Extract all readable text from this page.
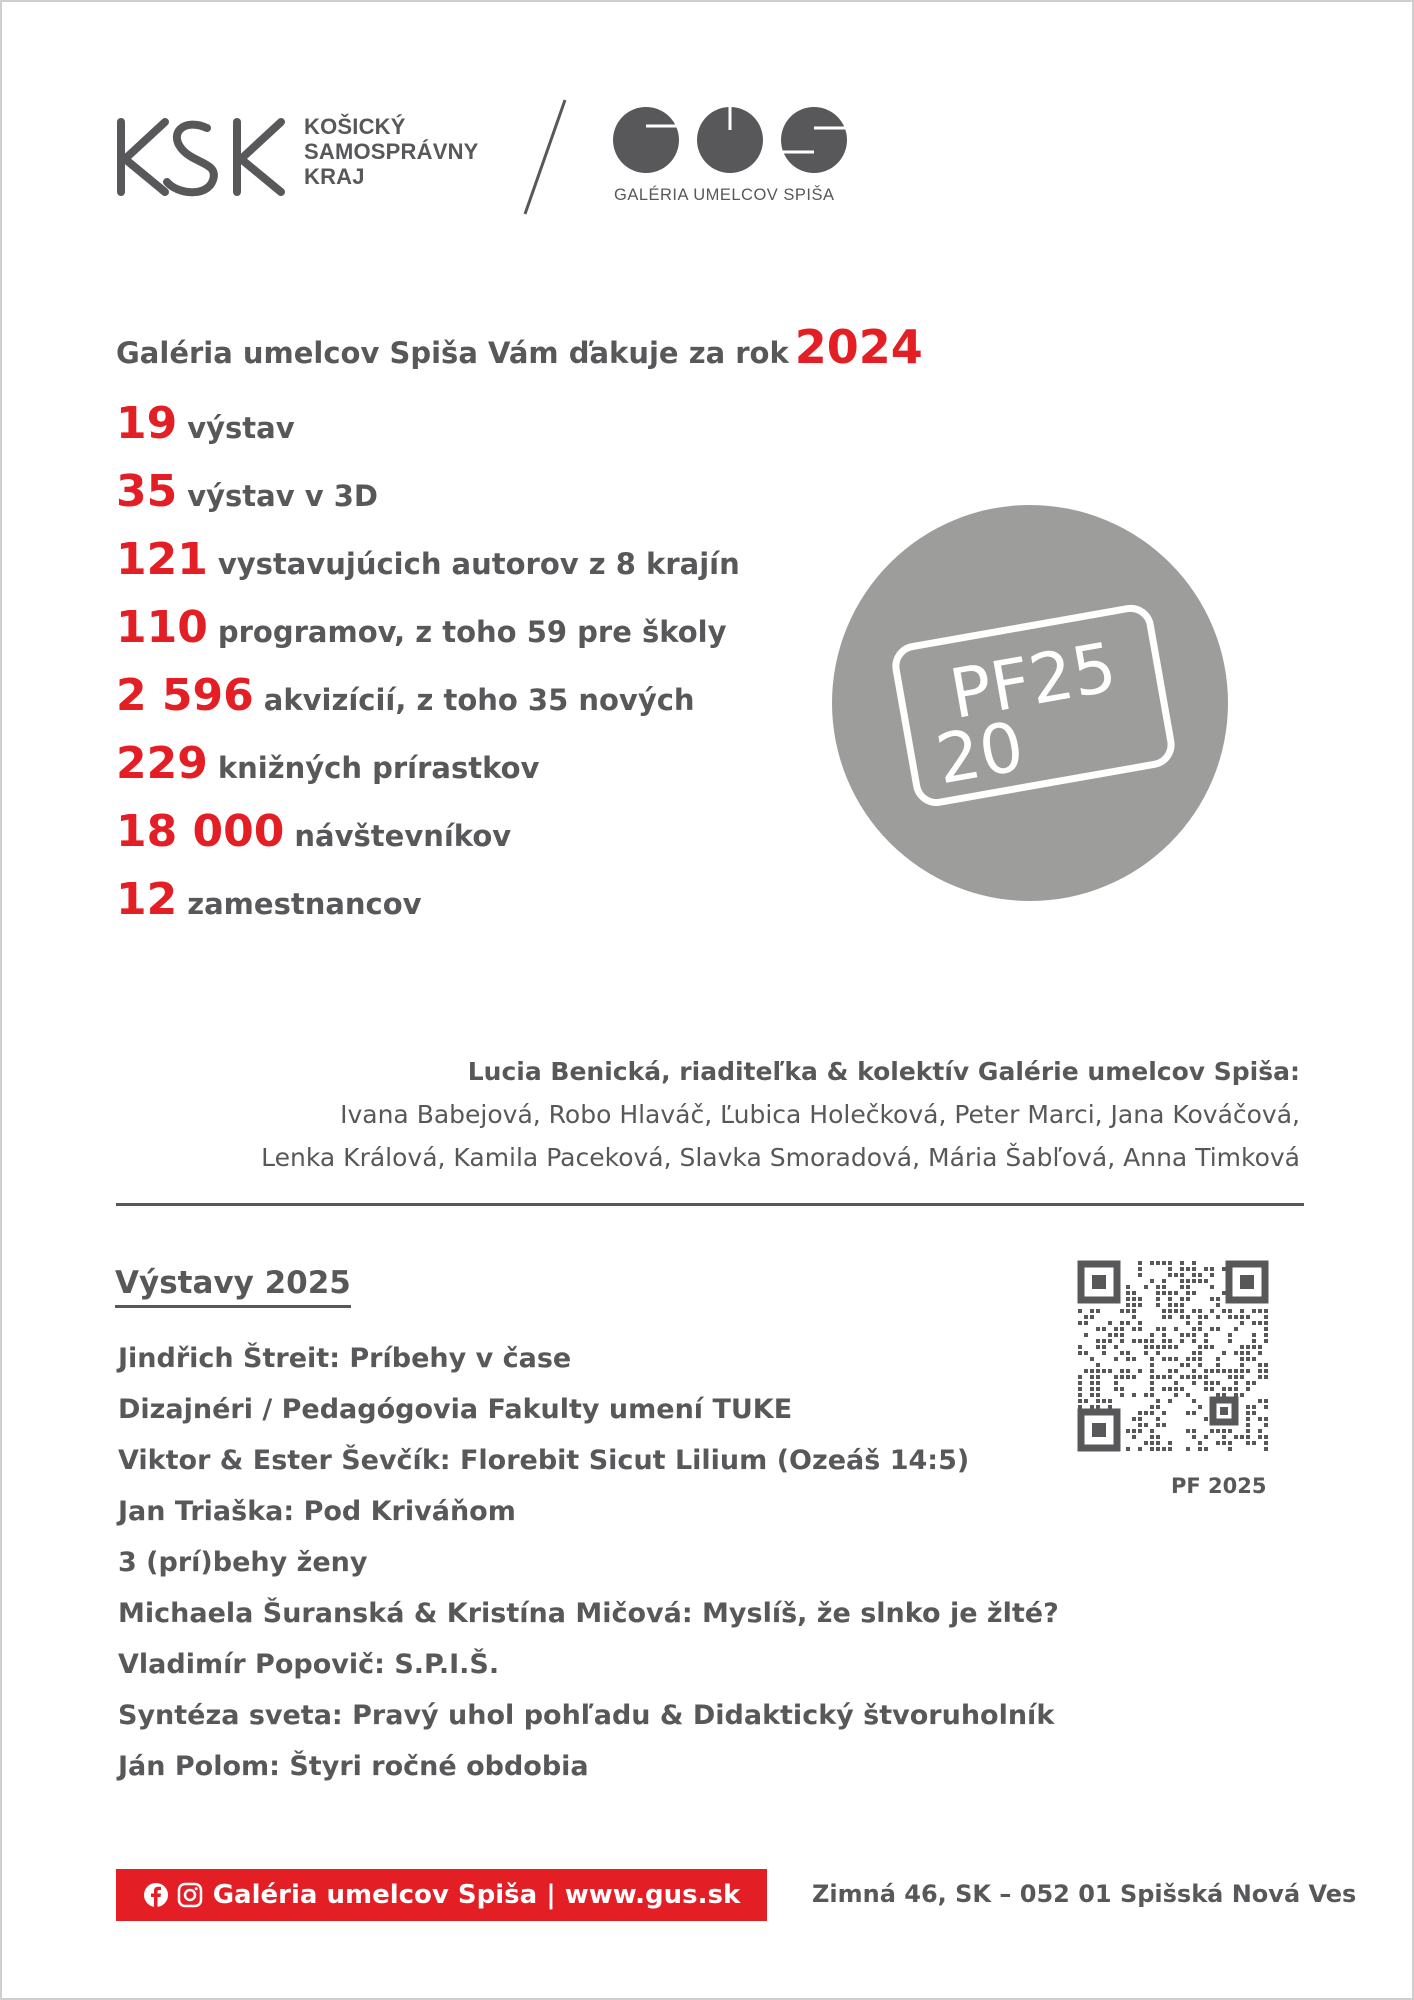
KOŠICKÝ
SAMOSPRÁVNY
KRAJ
GALÉRIA UMELCOV SPIŠA
Galéria umelcov Spiša Vám ďakuje za rok 2024
19 výstav
35 výstav v 3D
121 vystavujúcich autorov z 8 krajín
110 programov, z toho 59 pre školy
2 596 akvizícií, z toho 35 nových
229 knižných prírastkov
18 000 návštevníkov
12 zamestnancov
PF25
20
Lucia Benická, riaditeľka & kolektív Galérie umelcov Spiša:
Ivana Babejová, Robo Hlaváč, Ľubica Holečková, Peter Marci, Jana Kováčová,
Lenka Králová, Kamila Paceková, Slavka Smoradová, Mária Šabľová, Anna Timková
Výstavy 2025
Jindřich Štreit: Príbehy v čase
Dizajnéri / Pedagógovia Fakulty umení TUKE
Viktor & Ester Ševčík: Florebit Sicut Lilium (Ozeáš 14:5)
Jan Triaška: Pod Kriváňom
3 (prí)behy ženy
Michaela Šuranská & Kristína Mičová: Myslíš, že slnko je žlté?
Vladimír Popovič: S.P.I.Š.
Syntéza sveta: Pravý uhol pohľadu & Didaktický štvoruholník
Ján Polom: Štyri ročné obdobia
PF 2025
Galéria umelcov Spiša | www.gus.sk	Zimná 46, SK – 052 01 Spišská Nová Ves
